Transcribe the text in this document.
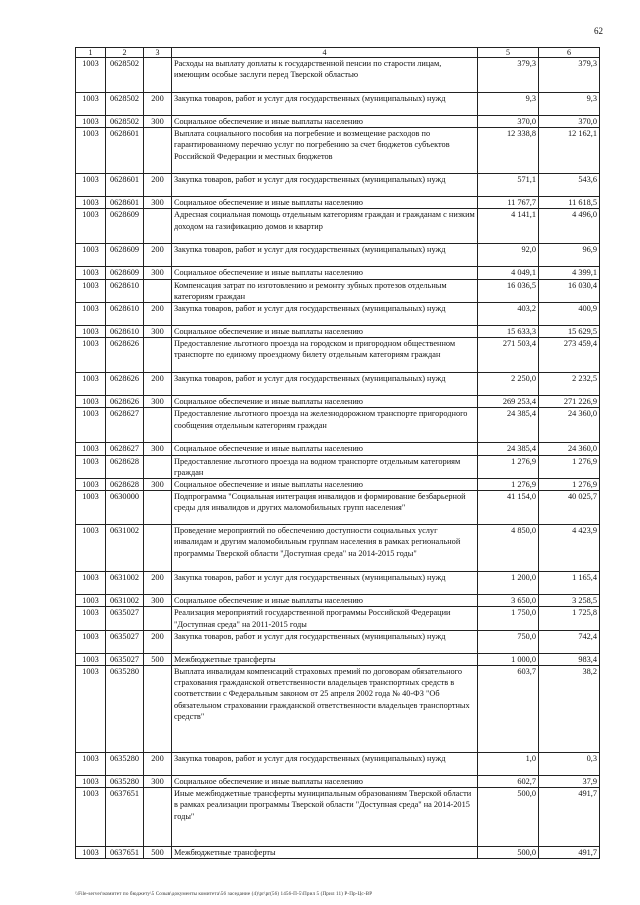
62
1	2	3	4	5	6
1003	0628502		Расходы на выплату доплаты к государственной пенсии по старости лицам, имеющим особые заслуги перед Тверской областью	379,3	379,3
1003	0628502	200	Закупка товаров, работ и услуг для государственных (муниципальных) нужд	9,3	9,3
1003	0628502	300	Социальное обеспечение и иные выплаты населению	370,0	370,0
1003	0628601		Выплата социального пособия на погребение и возмещение расходов по гарантированному перечню услуг по погребению за счет бюджетов субъектов Российской Федерации и местных бюджетов	12 338,8	12 162,1
1003	0628601	200	Закупка товаров, работ и услуг для государственных (муниципальных) нужд	571,1	543,6
1003	0628601	300	Социальное обеспечение и иные выплаты населению	11 767,7	11 618,5
1003	0628609		Адресная социальная помощь отдельным категориям граждан и гражданам с низким доходом на газификацию домов и квартир	4 141,1	4 496,0
1003	0628609	200	Закупка товаров, работ и услуг для государственных (муниципальных) нужд	92,0	96,9
1003	0628609	300	Социальное обеспечение и иные выплаты населению	4 049,1	4 399,1
1003	0628610		Компенсация затрат по изготовлению и ремонту зубных протезов отдельным категориям граждан	16 036,5	16 030,4
1003	0628610	200	Закупка товаров, работ и услуг для государственных (муниципальных) нужд	403,2	400,9
1003	0628610	300	Социальное обеспечение и иные выплаты населению	15 633,3	15 629,5
1003	0628626		Предоставление льготного проезда на городском и пригородном общественном транспорте по единому проездному билету отдельным категориям граждан	271 503,4	273 459,4
1003	0628626	200	Закупка товаров, работ и услуг для государственных (муниципальных) нужд	2 250,0	2 232,5
1003	0628626	300	Социальное обеспечение и иные выплаты населению	269 253,4	271 226,9
1003	0628627		Предоставление льготного проезда на железнодорожном транспорте пригородного сообщения отдельным категориям граждан	24 385,4	24 360,0
1003	0628627	300	Социальное обеспечение и иные выплаты населению	24 385,4	24 360,0
1003	0628628		Предоставление льготного проезда на водном транспорте отдельным категориям граждан	1 276,9	1 276,9
1003	0628628	300	Социальное обеспечение и иные выплаты населению	1 276,9	1 276,9
1003	0630000		Подпрограмма "Социальная интеграция инвалидов и формирование безбарьерной среды для инвалидов и других маломобильных групп населения"	41 154,0	40 025,7
1003	0631002		Проведение мероприятий по обеспечению доступности социальных услуг инвалидам и другим маломобильным группам населения в рамках региональной программы Тверской области "Доступная среда" на 2014-2015 годы"	4 850,0	4 423,9
1003	0631002	200	Закупка товаров, работ и услуг для государственных (муниципальных) нужд	1 200,0	1 165,4
1003	0631002	300	Социальное обеспечение и иные выплаты населению	3 650,0	3 258,5
1003	0635027		Реализация мероприятий государственной программы Российской Федерации "Доступная среда" на 2011-2015 годы	1 750,0	1 725,8
1003	0635027	200	Закупка товаров, работ и услуг для государственных (муниципальных) нужд	750,0	742,4
1003	0635027	500	Межбюджетные трансферты	1 000,0	983,4
1003	0635280		Выплата инвалидам компенсаций страховых премий по договорам обязательного страхования гражданской ответственности владельцев транспортных средств в соответствии с Федеральным законом от 25 апреля 2002 года № 40-ФЗ "Об обязательном страховании гражданской ответственности владельцев транспортных средств"	603,7	38,2
1003	0635280	200	Закупка товаров, работ и услуг для государственных (муниципальных) нужд	1,0	0,3
1003	0635280	300	Социальное обеспечение и иные выплаты населению	602,7	37,9
1003	0637651		Иные межбюджетные трансферты муниципальным образованиям Тверской области в рамках реализации программы Тверской области "Доступная среда" на 2014-2015 годы"	500,0	491,7
1003	0637651	500	Межбюджетные трансферты	500,0	491,7
\\File-server\комитет по бюджету\5 Созыв\документы комитета\56 заседание (4)\pr\pr(56) 1456-П-5\Прил 5 (Прил 11) Р-Пр-Цс-ВР
